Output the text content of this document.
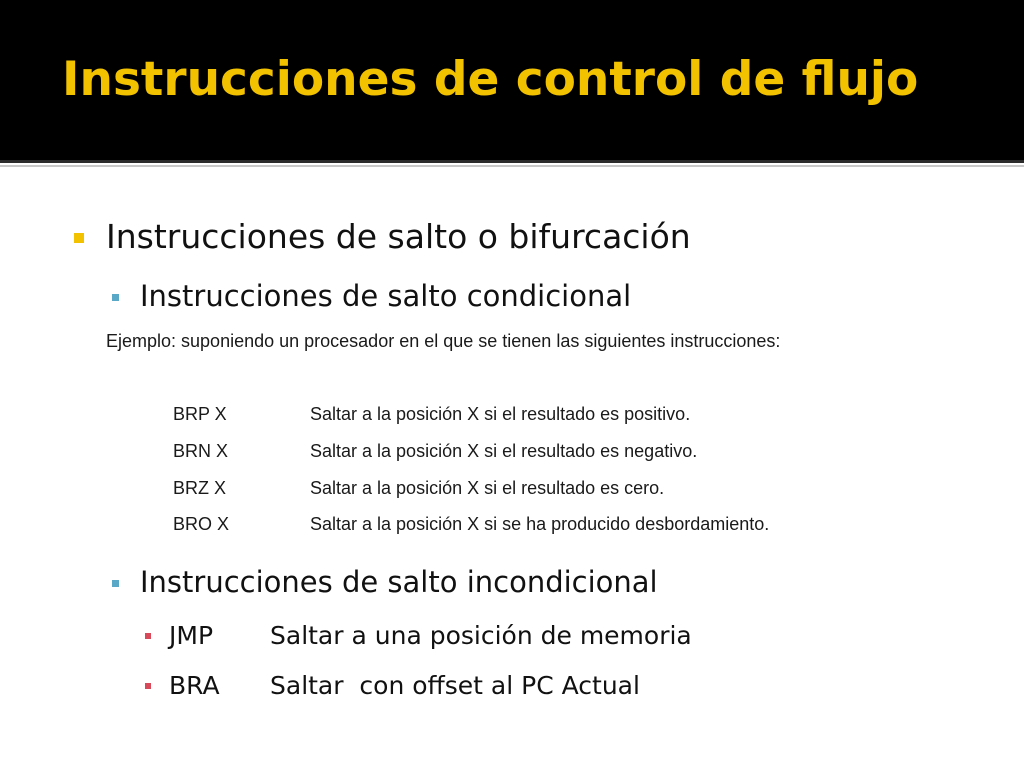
Instrucciones de control de flujo
Instrucciones de salto o bifurcación
Instrucciones de salto condicional
Ejemplo: suponiendo un procesador en el que se tienen las siguientes instrucciones:
BRP X	Saltar a la posición X si el resultado es positivo.
BRN X	Saltar a la posición X si el resultado es negativo.
BRZ X	Saltar a la posición X si el resultado es cero.
BRO X	Saltar a la posición X si se ha producido desbordamiento.
Instrucciones de salto incondicional
JMP Saltar a una posición de memoria
BRA Saltar  con offset al PC Actual
